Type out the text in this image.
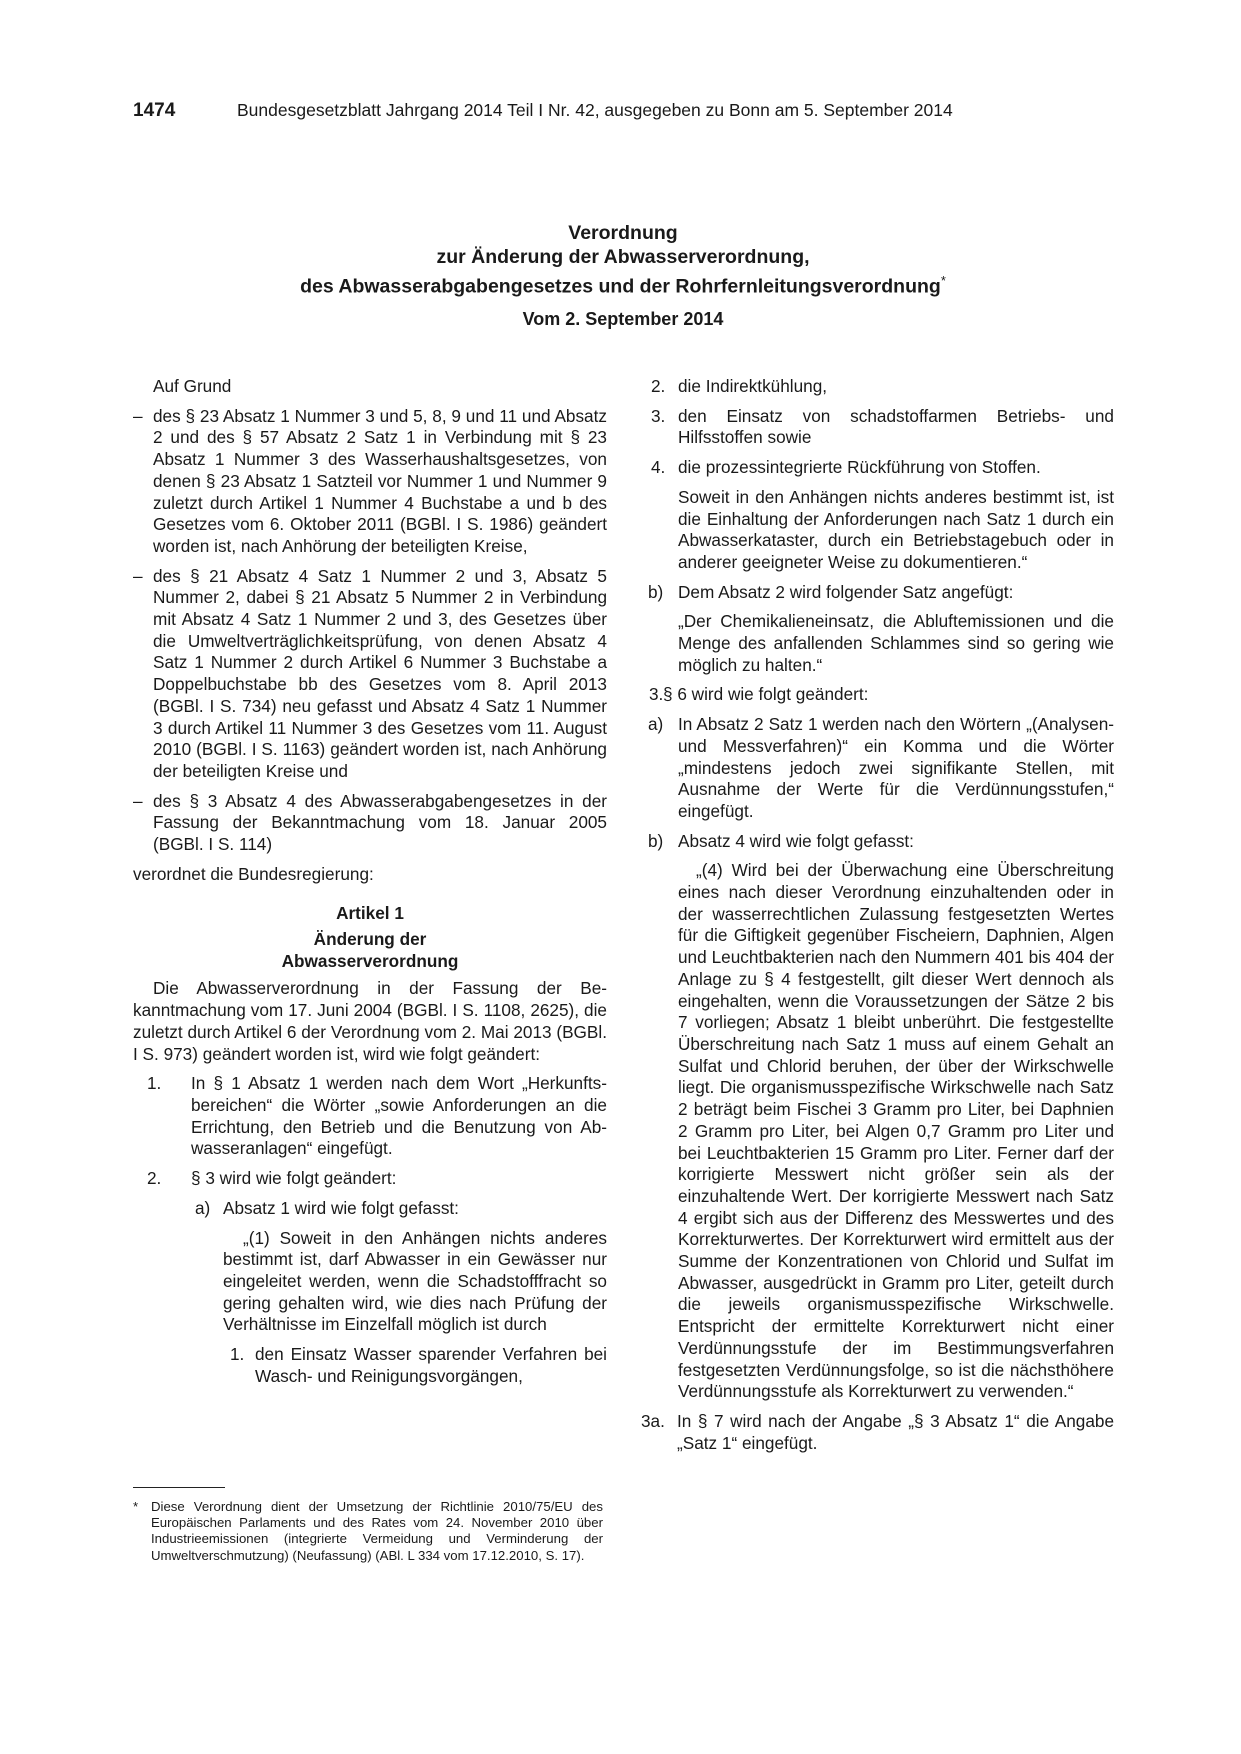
1474	Bundesgesetzblatt Jahrgang 2014 Teil I Nr. 42, ausgegeben zu Bonn am 5. September 2014
Verordnung
zur Änderung der Abwasserverordnung,
des Abwasserabgabengesetzes und der Rohrfernleitungsverordnung*
Vom 2. September 2014

Auf Grund

– des § 23 Absatz 1 Nummer 3 und 5, 8, 9 und 11 und Absatz 2 und des § 57 Absatz 2 Satz 1 in Verbindung mit § 23 Absatz 1 Nummer 3 des Wasserhaushaltsgesetzes, von denen § 23 Absatz 1 Satzteil vor Nummer 1 und Nummer 9 zuletzt durch Artikel 1 Nummer 4 Buchstabe a und b des Gesetzes vom 6. Oktober 2011 (BGBl. I S. 1986) geändert worden ist, nach Anhörung der beteiligten Kreise,

– des § 21 Absatz 4 Satz 1 Nummer 2 und 3, Absatz 5 Nummer 2, dabei § 21 Absatz 5 Nummer 2 in Verbindung mit Absatz 4 Satz 1 Nummer 2 und 3, des Gesetzes über die Umweltverträglichkeitsprüfung, von denen Absatz 4 Satz 1 Nummer 2 durch Artikel 6 Nummer 3 Buchstabe a Doppelbuchstabe bb des Gesetzes vom 8. April 2013 (BGBl. I S. 734) neu gefasst und Absatz 4 Satz 1 Nummer 3 durch Artikel 11 Nummer 3 des Gesetzes vom 11. August 2010 (BGBl. I S. 1163) geändert worden ist, nach Anhörung der beteiligten Kreise und

– des § 3 Absatz 4 des Abwasserabgabengesetzes in der Fassung der Bekanntmachung vom 18. Januar 2005 (BGBl. I S. 114)

verordnet die Bundesregierung:

Artikel 1
Änderung der
Abwasserverordnung

Die Abwasserverordnung in der Fassung der Bekanntmachung vom 17. Juni 2004 (BGBl. I S. 1108, 2625), die zuletzt durch Artikel 6 der Verordnung vom 2. Mai 2013 (BGBl. I S. 973) geändert worden ist, wird wie folgt geändert:

1. In § 1 Absatz 1 werden nach dem Wort „Herkunftsbereichen“ die Wörter „sowie Anforderungen an die Errichtung, den Betrieb und die Benutzung von Abwasseranlagen“ eingefügt.

2. § 3 wird wie folgt geändert:

a) Absatz 1 wird wie folgt gefasst:

„(1) Soweit in den Anhängen nichts anderes bestimmt ist, darf Abwasser in ein Gewässer nur eingeleitet werden, wenn die Schadstofffracht so gering gehalten wird, wie dies nach Prüfung der Verhältnisse im Einzelfall möglich ist durch

1. den Einsatz Wasser sparender Verfahren bei Wasch- und Reinigungsvorgängen,

2. die Indirektkühlung,

3. den Einsatz von schadstoffarmen Betriebs- und Hilfsstoffen sowie

4. die prozessintegrierte Rückführung von Stoffen.

Soweit in den Anhängen nichts anderes bestimmt ist, ist die Einhaltung der Anforderungen nach Satz 1 durch ein Abwasserkataster, durch ein Betriebstagebuch oder in anderer geeigneter Weise zu dokumentieren.“

b) Dem Absatz 2 wird folgender Satz angefügt:

„Der Chemikalieneinsatz, die Abluftemissionen und die Menge des anfallenden Schlammes sind so gering wie möglich zu halten.“

3. § 6 wird wie folgt geändert:

a) In Absatz 2 Satz 1 werden nach den Wörtern „(Analysen- und Messverfahren)“ ein Komma und die Wörter „mindestens jedoch zwei signifikante Stellen, mit Ausnahme der Werte für die Verdünnungsstufen,“ eingefügt.

b) Absatz 4 wird wie folgt gefasst:

„(4) Wird bei der Überwachung eine Überschreitung eines nach dieser Verordnung einzuhaltenden oder in der wasserrechtlichen Zulassung festgesetzten Wertes für die Giftigkeit gegenüber Fischeiern, Daphnien, Algen und Leuchtbakterien nach den Nummern 401 bis 404 der Anlage zu § 4 festgestellt, gilt dieser Wert dennoch als eingehalten, wenn die Voraussetzungen der Sätze 2 bis 7 vorliegen; Absatz 1 bleibt unberührt. Die festgestellte Überschreitung nach Satz 1 muss auf einem Gehalt an Sulfat und Chlorid beruhen, der über der Wirkschwelle liegt. Die organismusspezifische Wirkschwelle nach Satz 2 beträgt beim Fischei 3 Gramm pro Liter, bei Daphnien 2 Gramm pro Liter, bei Algen 0,7 Gramm pro Liter und bei Leuchtbakterien 15 Gramm pro Liter. Ferner darf der korrigierte Messwert nicht größer sein als der einzuhaltende Wert. Der korrigierte Messwert nach Satz 4 ergibt sich aus der Differenz des Messwertes und des Korrekturwertes. Der Korrekturwert wird ermittelt aus der Summe der Konzentrationen von Chlorid und Sulfat im Abwasser, ausgedrückt in Gramm pro Liter, geteilt durch die jeweils organismusspezifische Wirkschwelle. Entspricht der ermittelte Korrekturwert nicht einer Verdünnungsstufe der im Bestimmungsverfahren festgesetzten Verdünnungsfolge, so ist die nächsthöhere Verdünnungsstufe als Korrekturwert zu verwenden.“

3a. In § 7 wird nach der Angabe „§ 3 Absatz 1“ die Angabe „Satz 1“ eingefügt.

* Diese Verordnung dient der Umsetzung der Richtlinie 2010/75/EU des Europäischen Parlaments und des Rates vom 24. November 2010 über Industrieemissionen (integrierte Vermeidung und Verminderung der Umweltverschmutzung) (Neufassung) (ABl. L 334 vom 17.12.2010, S. 17).
